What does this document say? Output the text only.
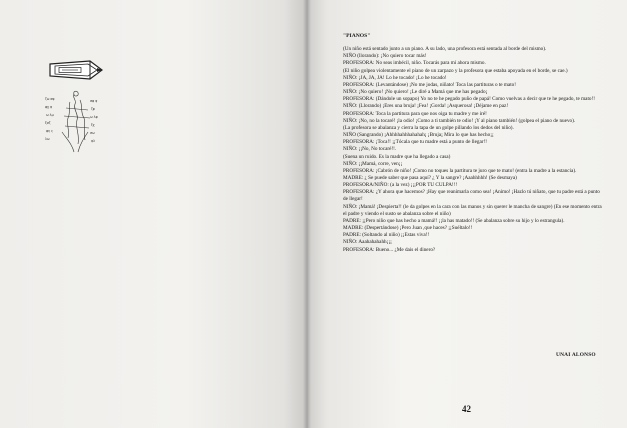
ζω σφ
φχ ψ
ω λμ
ξσζ
φη ς
λω
σφ ψ
ζφ
ω λφ
ξχ
σω
ψλ

"PIANOS"

(Un niño está sentado junto a un piano. A su lado, una profesora está sentada al borde del mismo).

NIÑO (llorando): ¡No quiero tocar más!

PROFESORA: No seas imbécil, niño. Tocarás para mí ahora mismo.

(El niño golpea violentamente el piano de un zarpazo y la profesora que estaba apoyada en el borde, se cae.)

NIÑO: ¡JA, JA, JA! Lo he tocado! ¡Lo he tocado!

PROFESORA: (Levantándose) ¡No me jodas, niñato! Toca las partituras o te mato!

NIÑO: ¡No quiero! ¡No quiero! ¡Le diré a Mamá que me has pegado¡

PROFESORA: (Dándole un sopapo) Yo no te he pegado puño de papá! Como vuelvas a decir que te he pegado, te mato!!

NIÑO: (Llorando) ¡Eres una bruja! ¡Fea! ¡Gorda! ¡Asquerosa! ¡Déjame en paz!

PROFESORA: Toca la partitura para que nos oiga tu madre y me iré!

NIÑO: ¡No, no la tocaré! ¡la odio! ¡Como a ti también te odio! ¡Y al piano también! (golpea el piano de nuevo).

(La profesora se abalanza y cierra la tapa de un golpe pillando los dedos del niño).

NIÑO (Sangrando) ¡Ahhhhahhhahahah¡ ¡Bruja¡ Mira lo que has hecho¡¡

PROFESORA: ¡Toca!! ¡¡Tócala que tu madre está a punto de llegar!!

NIÑO: ¡¡No, No tocaré!!.

(Suena un ruido. Es la madre que ha llegado a casa)

NIÑO: ¡¡Mamá, corre, ven¡¡

PROFESORA: ¡Cabrón de niño! ¡Como no toques la partitura te juro que te mato! (entra la madre a la estancia).

MADRE: ¿ Se puede saber que pasa aquí? ¿ Y la sangre? ¡Aaahhhhh! (Se desmaya)

PROFESORA/NIÑO: (a la vez) ¡¡¡POR TU CULPA!!!

PROFESORA: ¿Y ahora que hacemos? ¡Hay que reanimarla como sea! ¡Animo! ¡Hazlo tú niñato, que tu padre está a punto de llegar!

NIÑO: ¡Mamá! ¡Despierta!! (le da golpes en la cara con las manos y sin querer le mancha de sangre) (En ese momento entra el padre y viendo el susto se abalanza sobre el niño)

PADRE: ¡¡Pero niño que has hecho a mamá!! ¡¡la has matado!! (Se abalanza sobre su hijo y lo estrangula).

MADRE: (Despertándose) ¡Pero Juan ,que haces? ¡¡Suéltalo!!

PADRE: (Soltando al niño) ¡¡Estas viva!!

NIÑO: Aaahahahahh¡¡¡

PROFESORA: Bueno... ¿Me dais el dinero?

UNAI ALONSO
42
